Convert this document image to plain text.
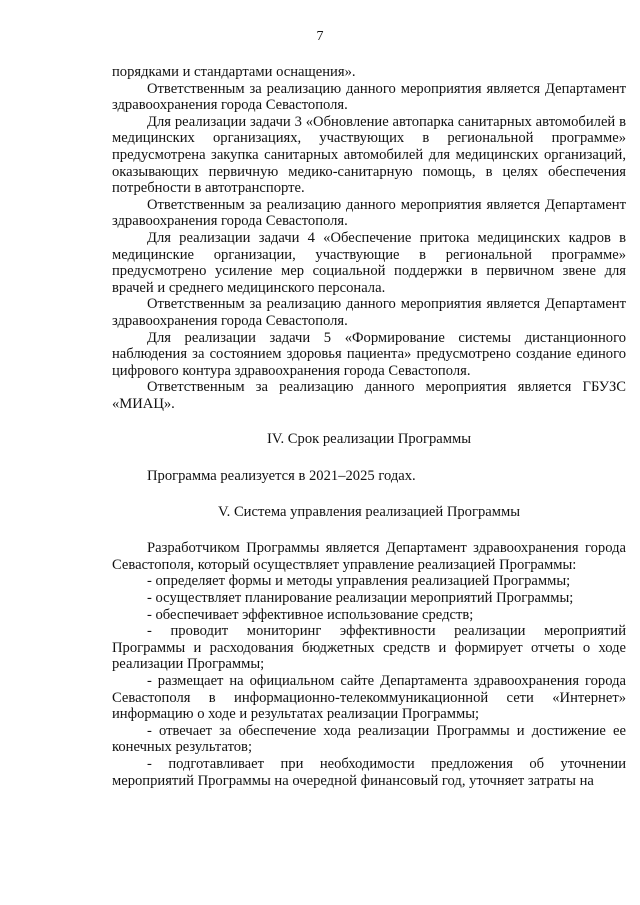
7

порядками и стандартами оснащения».

Ответственным за реализацию данного мероприятия является Департамент здравоохранения города Севастополя.

Для реализации задачи 3 «Обновление автопарка санитарных автомобилей в медицинских организациях, участвующих в региональной программе» предусмотрена закупка санитарных автомобилей для медицинских организаций, оказывающих первичную медико-санитарную помощь, в целях обеспечения потребности в автотранспорте.

Ответственным за реализацию данного мероприятия является Департамент здравоохранения города Севастополя.

Для реализации задачи 4 «Обеспечение притока медицинских кадров в медицинские организации, участвующие в региональной программе» предусмотрено усиление мер социальной поддержки в первичном звене для врачей и среднего медицинского персонала.

Ответственным за реализацию данного мероприятия является Департамент здравоохранения города Севастополя.

Для реализации задачи 5 «Формирование системы дистанционного наблюдения за состоянием здоровья пациента» предусмотрено создание единого цифрового контура здравоохранения города Севастополя.

Ответственным за реализацию данного мероприятия является ГБУЗС «МИАЦ».

IV. Срок реализации Программы

Программа реализуется в 2021–2025 годах.

V. Система управления реализацией Программы

Разработчиком Программы является Департамент здравоохранения города Севастополя, который осуществляет управление реализацией Программы:

- определяет формы и методы управления реализацией Программы;
- осуществляет планирование реализации мероприятий Программы;
- обеспечивает эффективное использование средств;
- проводит мониторинг эффективности реализации мероприятий Программы и расходования бюджетных средств и формирует отчеты о ходе реализации Программы;
- размещает на официальном сайте Департамента здравоохранения города Севастополя в информационно-телекоммуникационной сети «Интернет» информацию о ходе и результатах реализации Программы;
- отвечает за обеспечение хода реализации Программы и достижение ее конечных результатов;
- подготавливает при необходимости предложения об уточнении мероприятий Программы на очередной финансовый год, уточняет затраты на
